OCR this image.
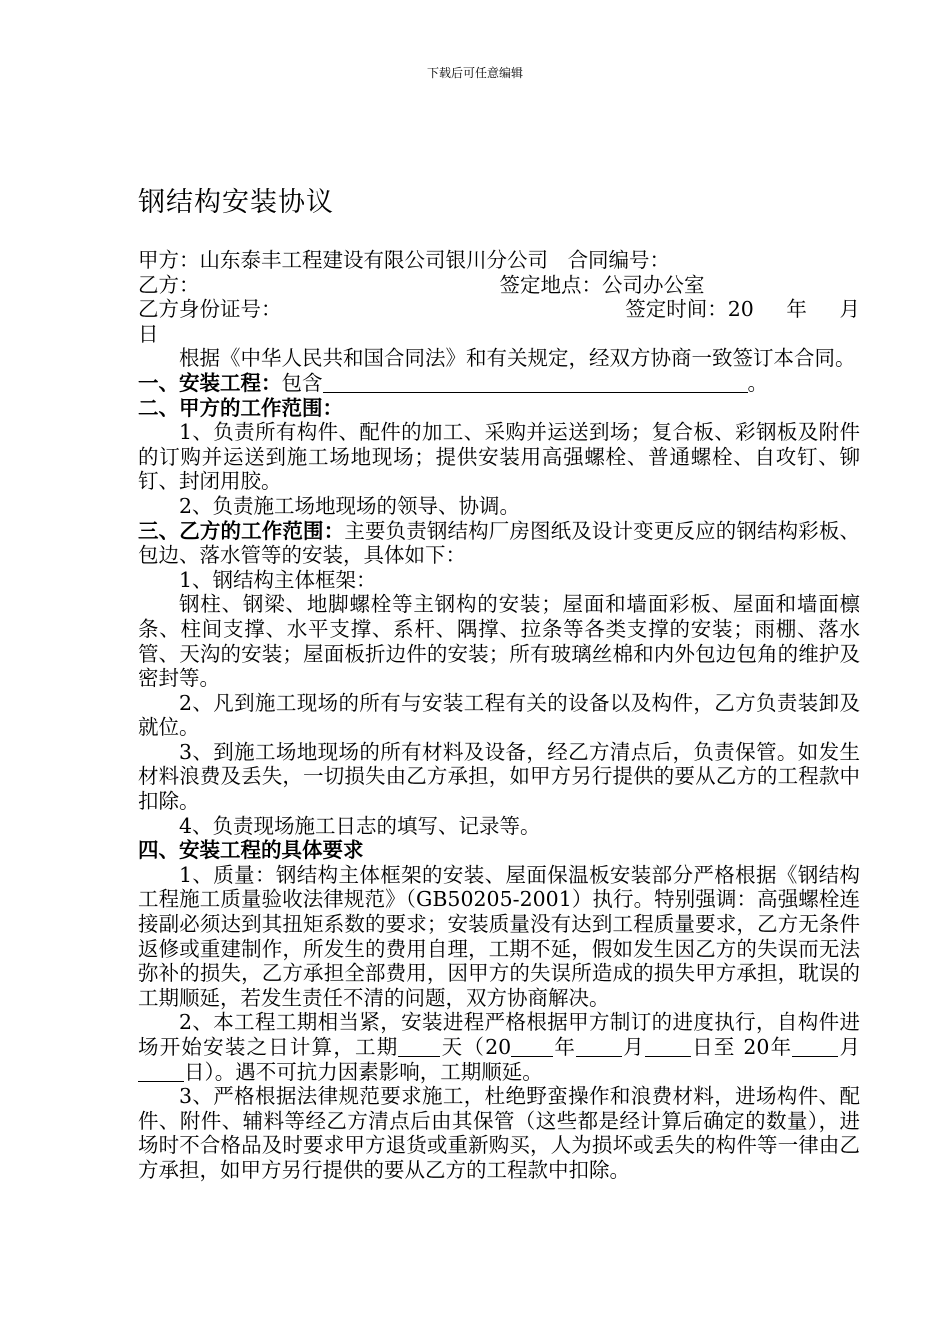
下载后可任意编辑
钢结构安装协议

甲方：山东泰丰工程建设有限公司银川分公司 合同编号：

乙方：	签定地点：公司办公室

乙方身份证号：	签定时间：20 年 月

日

根据《中华人民共和国合同法》和有关规定，经双方协商一致签订本合同。

一、安装工程：包含	。

二、甲方的工作范围：

1、负责所有构件、配件的加工、采购并运送到场；复合板、彩钢板及附件的订购并运送到施工场地现场；提供安装用高强螺栓、普通螺栓、自攻钉、铆钉、封闭用胶。

2、负责施工场地现场的领导、协调。

三、乙方的工作范围：主要负责钢结构厂房图纸及设计变更反应的钢结构彩板、包边、落水管等的安装，具体如下：

1、钢结构主体框架：

钢柱、钢梁、地脚螺栓等主钢构的安装；屋面和墙面彩板、屋面和墙面檩条、柱间支撑、水平支撑、系杆、隅撑、拉条等各类支撑的安装；雨棚、落水管、天沟的安装；屋面板折边件的安装；所有玻璃丝棉和内外包边包角的维护及密封等。

2、凡到施工现场的所有与安装工程有关的设备以及构件，乙方负责装卸及就位。

3、到施工场地现场的所有材料及设备，经乙方清点后，负责保管。如发生材料浪费及丢失，一切损失由乙方承担，如甲方另行提供的要从乙方的工程款中扣除。

4、负责现场施工日志的填写、记录等。

四、安装工程的具体要求

1、质量：钢结构主体框架的安装、屋面保温板安装部分严格根据《钢结构工程施工质量验收法律规范》（GB50205-2001）执行。特别强调：高强螺栓连接副必须达到其扭矩系数的要求；安装质量没有达到工程质量要求，乙方无条件返修或重建制作，所发生的费用自理，工期不延，假如发生因乙方的失误而无法弥补的损失，乙方承担全部费用，因甲方的失误所造成的损失甲方承担，耽误的工期顺延，若发生责任不清的问题，双方协商解决。

2、本工程工期相当紧，安装进程严格根据甲方制订的进度执行，自构件进场开始安装之日计算，工期 天（20 年 月 日至 20年 月日）。遇不可抗力因素影响，工期顺延。

3、严格根据法律规范要求施工，杜绝野蛮操作和浪费材料，进场构件、配件、附件、辅料等经乙方清点后由其保管（这些都是经计算后确定的数量），进场时不合格品及时要求甲方退货或重新购买，人为损坏或丢失的构件等一律由乙方承担，如甲方另行提供的要从乙方的工程款中扣除。
